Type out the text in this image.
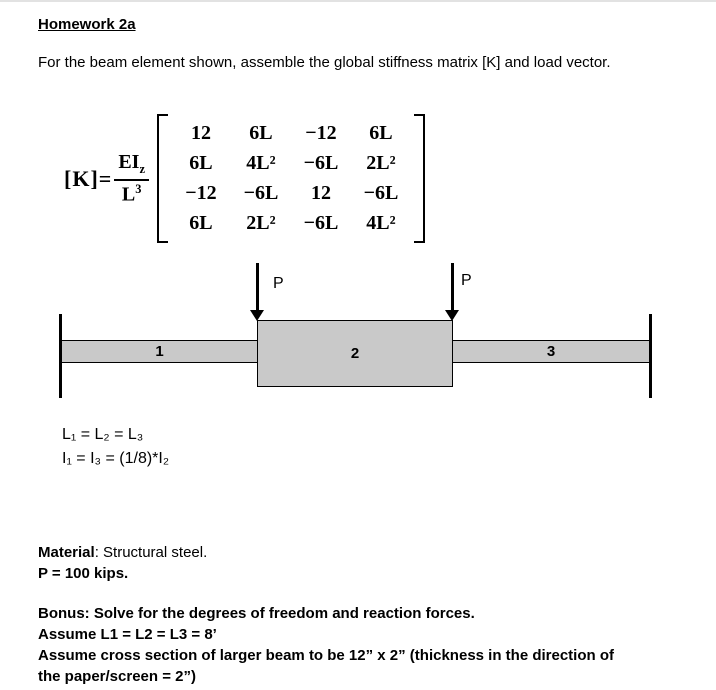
Homework 2a

For the beam element shown, assemble the global stiffness matrix [K] and load vector.

$[K]= \frac{EI_z}{L^3}$
12	6L	−12	6L
6L	4L²	−6L	2L²
−12	−6L	12	−6L
6L	2L²	−6L	4L²
P	P
1	2	3
L₁ = L₂ = L₃
I₁ = I₃ = (1/8)*I₂

Material: Structural steel.

P = 100 kips.

Bonus: Solve for the degrees of freedom and reaction forces.
Assume L1 = L2 = L3 = 8’
Assume cross section of larger beam to be 12” x 2” (thickness in the direction of
the paper/screen = 2”)
